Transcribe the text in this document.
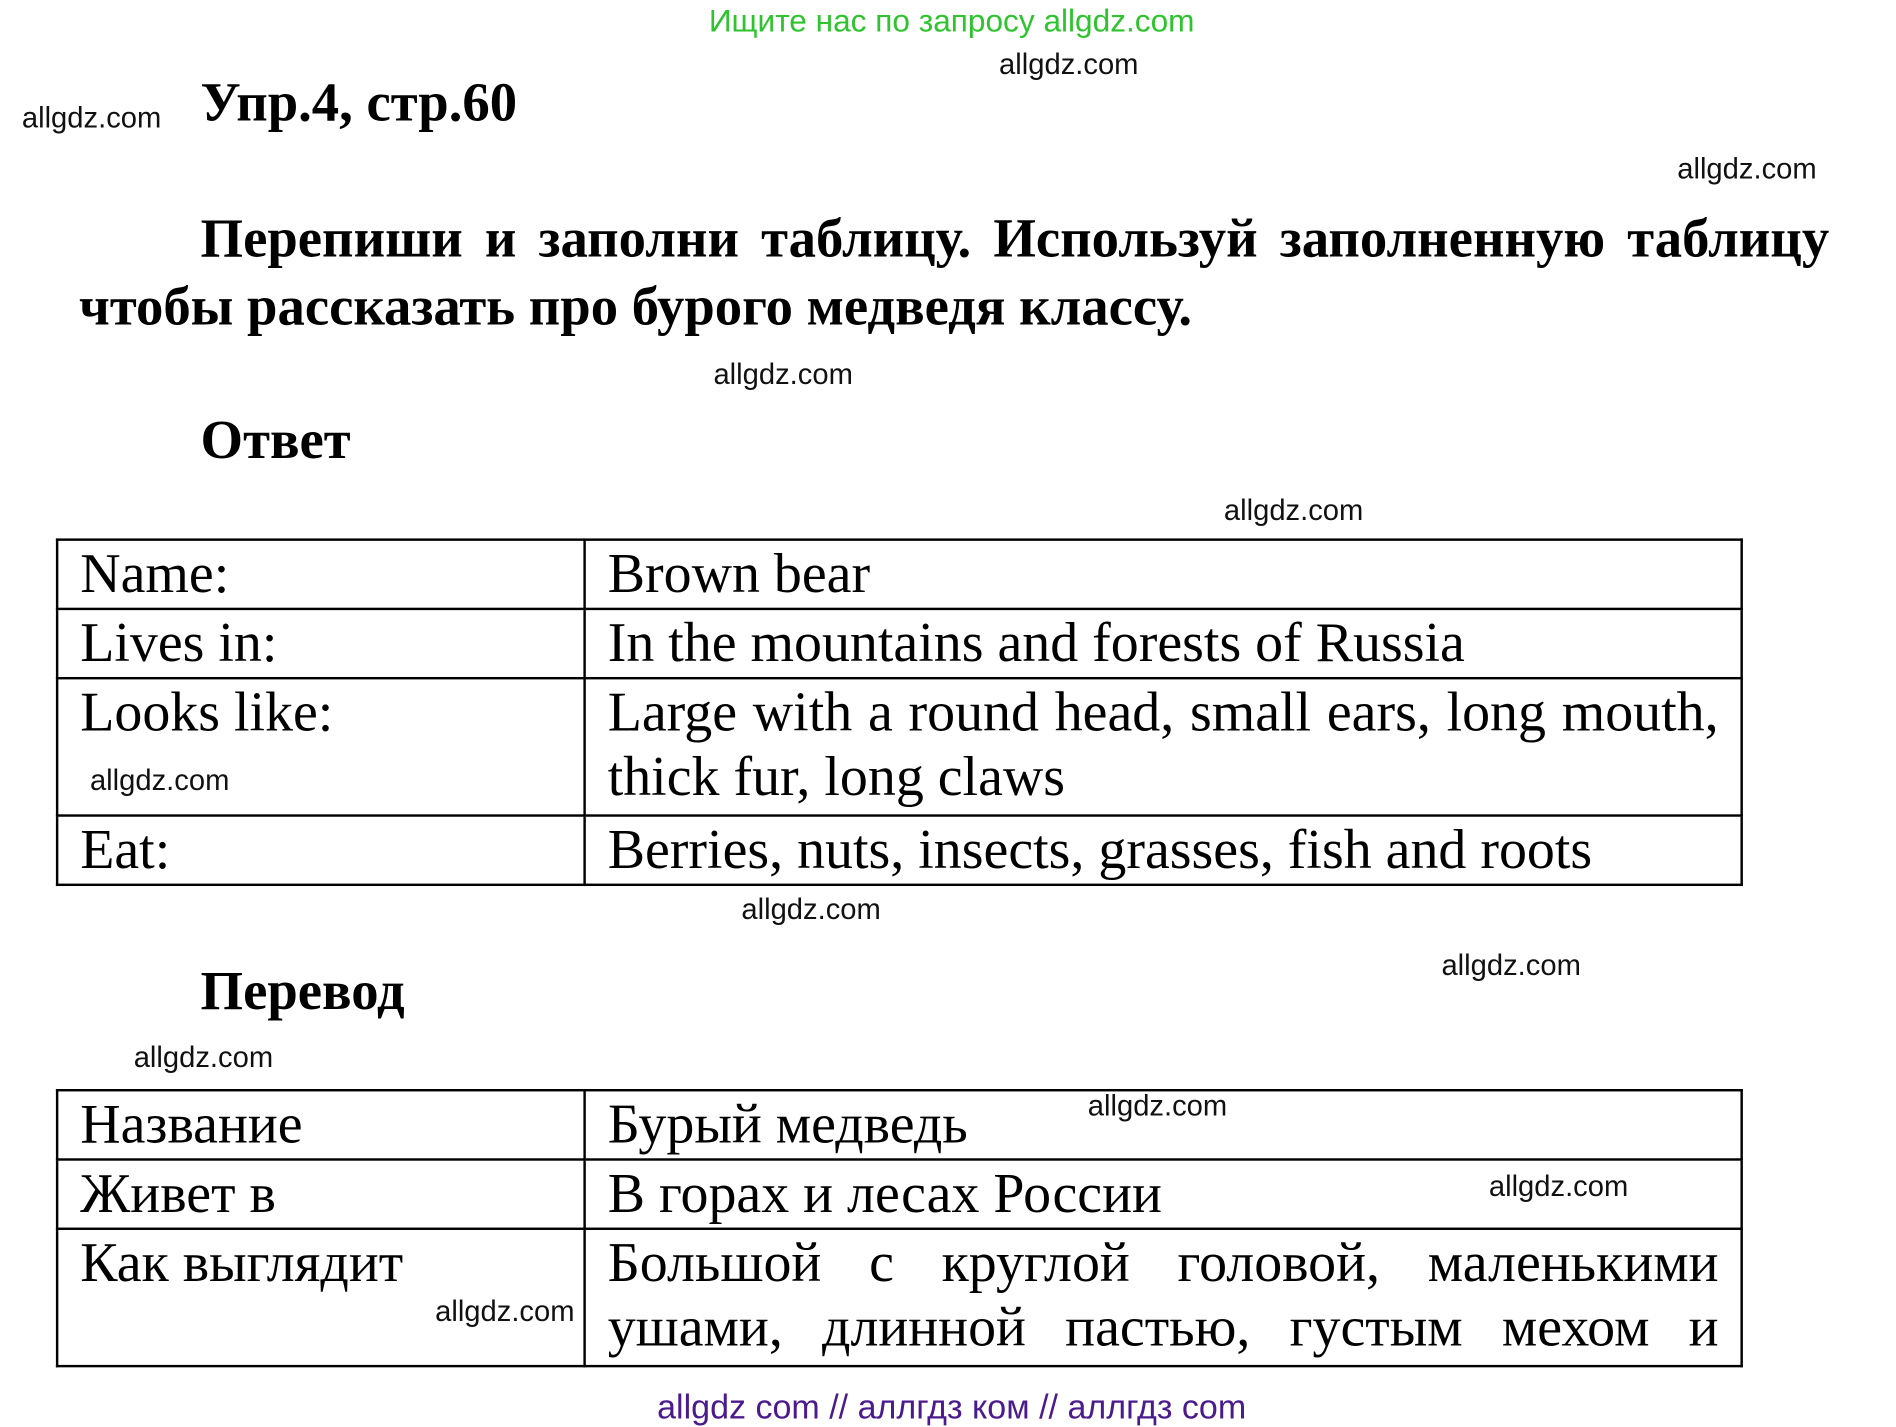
Ищите нас по запросу allgdz.com
allgdz.com
allgdz.com
allgdz.com
allgdz.com
allgdz.com
allgdz.com
allgdz.com
allgdz.com
Упр.4, стр.60
Перепиши и заполни таблицу. Используй заполненную таблицу чтобы рассказать про бурого медведя классу.
Ответ
Name:	Brown bear
Lives in:	In the mountains and forests of Russia
Looks like:	Large with a round head, small ears, long mouth, thick fur, long claws
Eat:	Berries, nuts, insects, grasses, fish and roots
allgdz.com
Перевод
Название	Бурый медведь
Живет в	В горах и лесах России
Как выглядит	Большой с круглой головой, маленькими ушами, длинной пастью, густым мехом и
allgdz.com
allgdz.com
allgdz.com
allgdz com // аллгдз ком // аллгдз com
